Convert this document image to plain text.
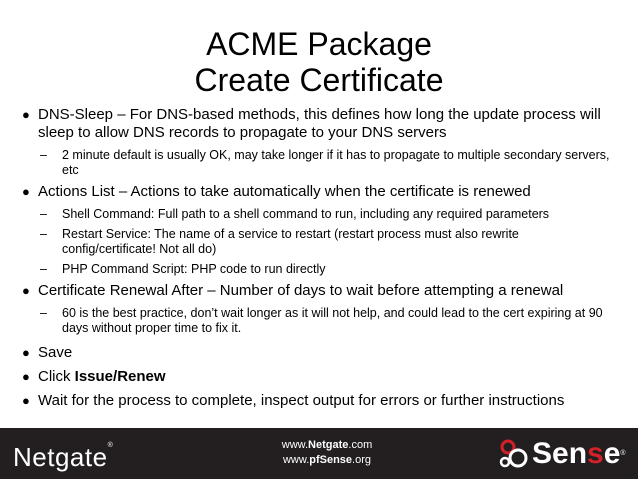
ACME Package
Create Certificate
● DNS-Sleep – For DNS-based methods, this defines how long the update process will sleep to allow DNS records to propagate to your DNS servers
– 2 minute default is usually OK, may take longer if it has to propagate to multiple secondary servers, etc
● Actions List – Actions to take automatically when the certificate is renewed
– Shell Command: Full path to a shell command to run, including any required parameters
– Restart Service: The name of a service to restart (restart process must also rewrite config/certificate! Not all do)
– PHP Command Script: PHP code to run directly
● Certificate Renewal After – Number of days to wait before attempting a renewal
– 60 is the best practice, don’t wait longer as it will not help, and could lead to the cert expiring at 90 days without proper time to fix it.
● Save
● Click Issue/Renew
● Wait for the process to complete, inspect output for errors or further instructions
Netgate®	www.Netgate.com
www.pfSense.org	Sense®
